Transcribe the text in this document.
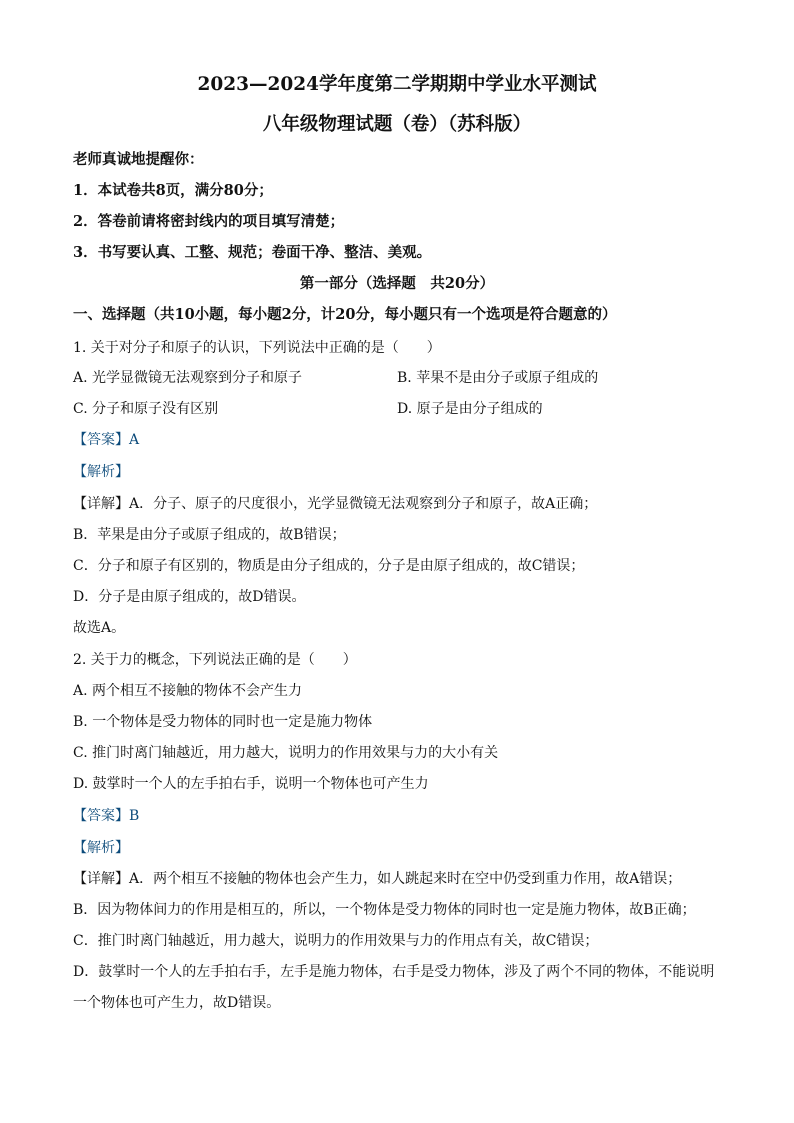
2023—2024学年度第二学期期中学业水平测试
八年级物理试题（卷）（苏科版）
老师真诚地提醒你：
1．本试卷共8页，满分80分；
2．答卷前请将密封线内的项目填写清楚；
3．书写要认真、工整、规范；卷面干净、整洁、美观。
第一部分（选择题　共20分）
一、选择题（共10小题，每小题2分，计20分，每小题只有一个选项是符合题意的）
1. 关于对分子和原子的认识，下列说法中正确的是（　　）
A. 光学显微镜无法观察到分子和原子	B. 苹果不是由分子或原子组成的
C. 分子和原子没有区别	D. 原子是由分子组成的
【答案】A
【解析】
【详解】A．分子、原子的尺度很小，光学显微镜无法观察到分子和原子，故A正确；
B．苹果是由分子或原子组成的，故B错误；
C．分子和原子有区别的，物质是由分子组成的，分子是由原子组成的，故C错误；
D．分子是由原子组成的，故D错误。
故选A。
2. 关于力的概念，下列说法正确的是（　　）
A. 两个相互不接触的物体不会产生力
B. 一个物体是受力物体的同时也一定是施力物体
C. 推门时离门轴越近，用力越大，说明力的作用效果与力的大小有关
D. 鼓掌时一个人的左手拍右手，说明一个物体也可产生力
【答案】B
【解析】
【详解】A．两个相互不接触的物体也会产生力，如人跳起来时在空中仍受到重力作用，故A错误；
B．因为物体间力的作用是相互的，所以，一个物体是受力物体的同时也一定是施力物体，故B正确；
C．推门时离门轴越近，用力越大，说明力的作用效果与力的作用点有关，故C错误；
D．鼓掌时一个人的左手拍右手，左手是施力物体，右手是受力物体，涉及了两个不同的物体，不能说明
一个物体也可产生力，故D错误。
